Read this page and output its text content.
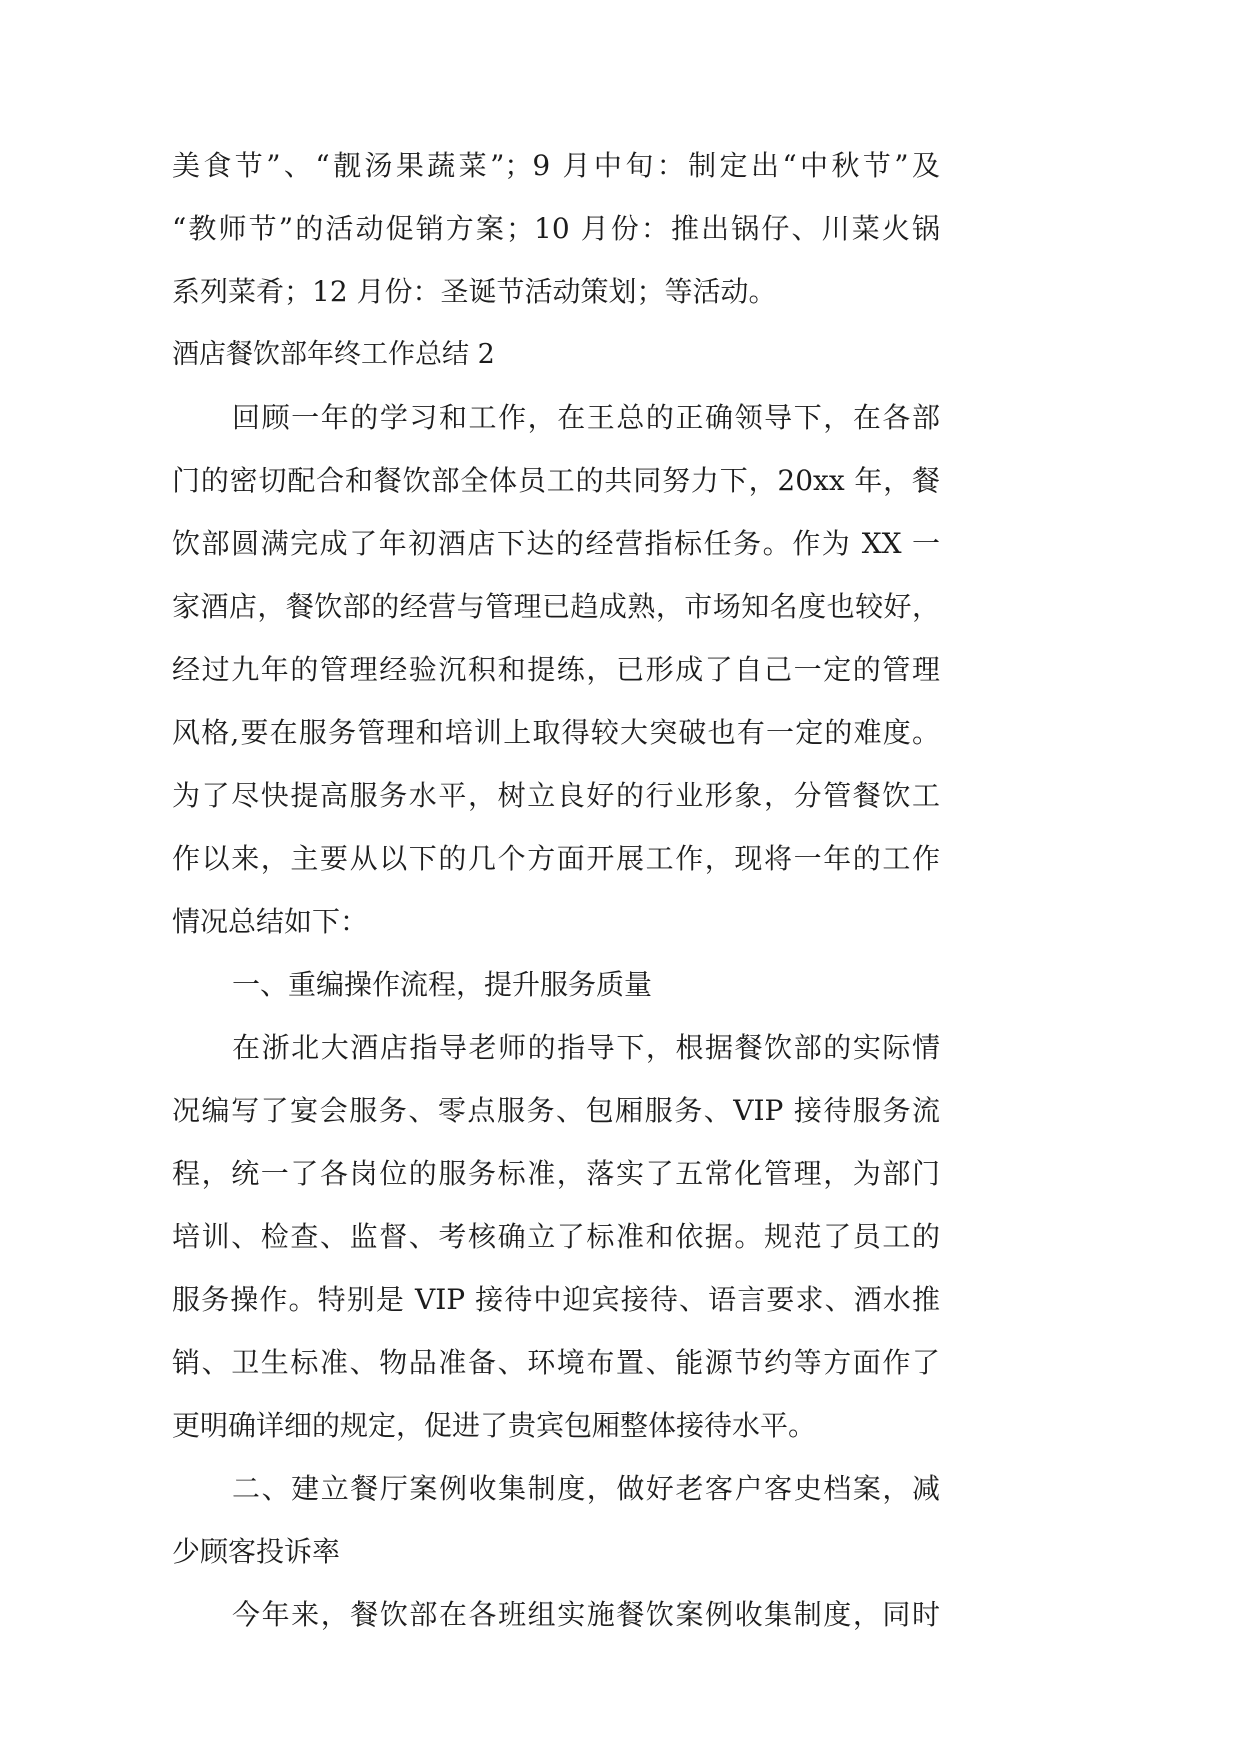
美食节”、“靓汤果蔬菜”；9 月中旬：制定出“中秋节”及
“教师节”的活动促销方案；10 月份：推出锅仔、川菜火锅
系列菜肴；12 月份：圣诞节活动策划；等活动。
酒店餐饮部年终工作总结 2
回顾一年的学习和工作，在王总的正确领导下，在各部
门的密切配合和餐饮部全体员工的共同努力下，20xx 年，餐
饮部圆满完成了年初酒店下达的经营指标任务。作为 XX 一
家酒店，餐饮部的经营与管理已趋成熟，市场知名度也较好，
经过九年的管理经验沉积和提练，已形成了自己一定的管理
风格,要在服务管理和培训上取得较大突破也有一定的难度。
为了尽快提高服务水平，树立良好的行业形象，分管餐饮工
作以来，主要从以下的几个方面开展工作，现将一年的工作
情况总结如下：
一、重编操作流程，提升服务质量
在浙北大酒店指导老师的指导下，根据餐饮部的实际情
况编写了宴会服务、零点服务、包厢服务、VIP 接待服务流
程，统一了各岗位的服务标准，落实了五常化管理，为部门
培训、检查、监督、考核确立了标准和依据。规范了员工的
服务操作。特别是 VIP 接待中迎宾接待、语言要求、酒水推
销、卫生标准、物品准备、环境布置、能源节约等方面作了
更明确详细的规定，促进了贵宾包厢整体接待水平。
二、建立餐厅案例收集制度，做好老客户客史档案，减
少顾客投诉率
今年来，餐饮部在各班组实施餐饮案例收集制度，同时
